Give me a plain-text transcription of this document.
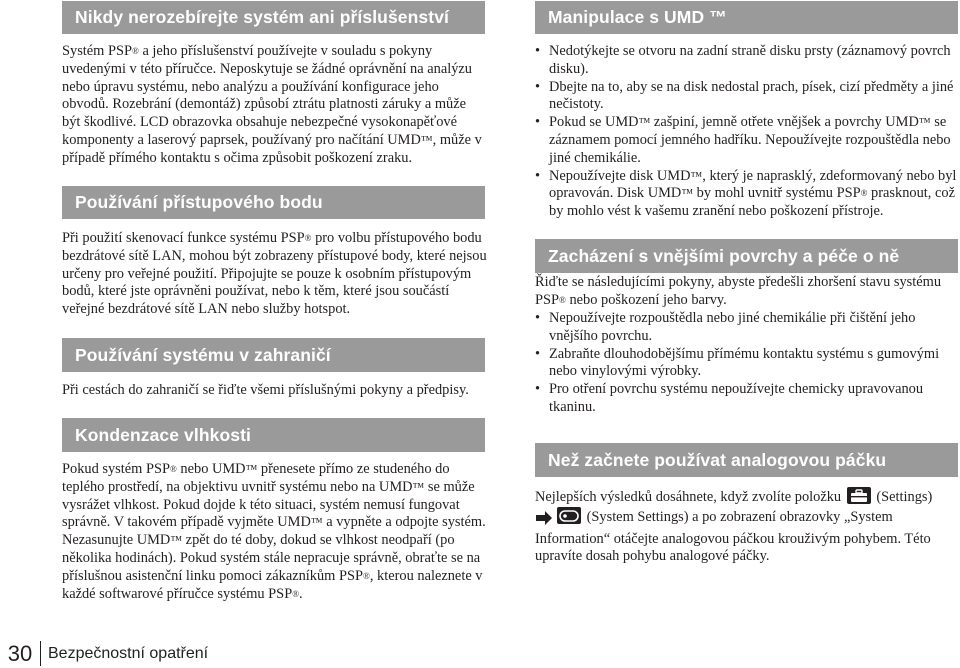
Nikdy nerozebírejte systém ani příslušenství

Systém PSP® a jeho příslušenství používejte v souladu s pokyny uvedenými v této příručce. Neposkytuje se žádné oprávnění na analýzu nebo úpravu systému, nebo analýzu a používání konfigurace jeho obvodů. Rozebrání (demontáž) způsobí ztrátu platnosti záruky a může být škodlivé. LCD obrazovka obsahuje nebezpečné vysokonapěťové komponenty a laserový paprsek, používaný pro načítání UMD™, může v případě přímého kontaktu s očima způsobit poškození zraku.

Používání přístupového bodu

Při použití skenovací funkce systému PSP® pro volbu přístupového bodu bezdrátové sítě LAN, mohou být zobrazeny přístupové body, které nejsou určeny pro veřejné použití. Připojujte se pouze k osobním přístupovým bodů, které jste oprávněni používat, nebo k těm, které jsou součástí veřejné bezdrátové sítě LAN nebo služby hotspot.

Používání systému v zahraničí

Při cestách do zahraničí se řiďte všemi příslušnými pokyny a předpisy.

Kondenzace vlhkosti

Pokud systém PSP® nebo UMD™ přenesete přímo ze studeného do teplého prostředí, na objektivu uvnitř systému nebo na UMD™ se může vysrážet vlhkost. Pokud dojde k této situaci, systém nemusí fungovat správně. V takovém případě vyjměte UMD™ a vypněte a odpojte systém. Nezasunujte UMD™ zpět do té doby, dokud se vlhkost neodpaří (po několika hodinách). Pokud systém stále nepracuje správně, obraťte se na příslušnou asistenční linku pomoci zákazníkům PSP®, kterou naleznete v každé softwarové příručce systému PSP®.

Manipulace s UMD ™
• Nedotýkejte se otvoru na zadní straně disku prsty (záznamový povrch disku).
• Dbejte na to, aby se na disk nedostal prach, písek, cizí předměty a jiné nečistoty.
• Pokud se UMD™ zašpiní, jemně otřete vnějšek a povrchy UMD™ se záznamem pomocí jemného hadříku. Nepoužívejte rozpouštědla nebo jiné chemikálie.
• Nepoužívejte disk UMD™, který je naprasklý, zdeformovaný nebo byl opravován. Disk UMD™ by mohl uvnitř systému PSP® prasknout, což by mohlo vést k vašemu zranění nebo poškození přístroje.
Zacházení s vnějšími povrchy a péče o ně

Řiďte se následujícími pokyny, abyste předešli zhoršení stavu systému PSP® nebo poškození jeho barvy.

• Nepoužívejte rozpouštědla nebo jiné chemikálie při čištění jeho vnějšího povrchu.
• Zabraňte dlouhodobějšímu přímému kontaktu systému s gumovými nebo vinylovými výrobky.
• Pro otření povrchu systému nepoužívejte chemicky upravovanou tkaninu.
Než začnete používat analogovou páčku

Nejlepších výsledků dosáhnete, když zvolíte položku
(Settings)

(System Settings) a po zobrazení obrazovky „System Information“ otáčejte analogovou páčkou krouživým pohybem. Této upravíte dosah pohybu analogové páčky.

30 Bezpečnostní opatření
